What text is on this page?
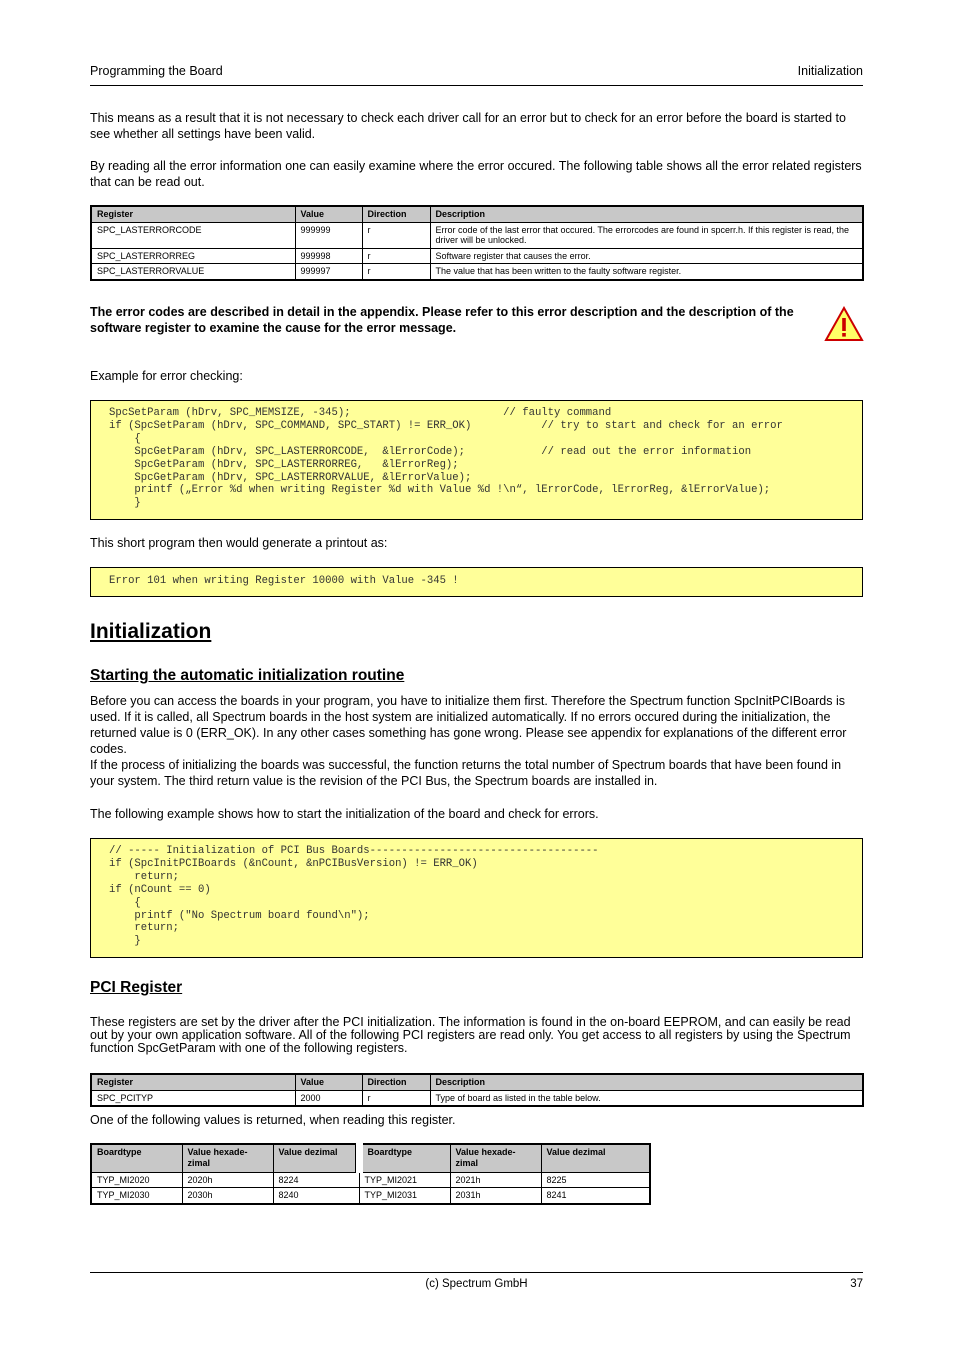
Programming the Board	Initialization
This means as a result that it is not necessary to check each driver call for an error but to check for an error before the board is started to see whether all settings have been valid.
By reading all the error information one can easily examine where the error occured. The following table shows all the error related registers that can be read out.
Register	Value	Direction	Description
SPC_LASTERRORCODE	999999	r	Error code of the last error that occured. The errorcodes are found in spcerr.h. If this register is read, the driver will be unlocked.
SPC_LASTERRORREG	999998	r	Software register that causes the error.
SPC_LASTERRORVALUE	999997	r	The value that has been written to the faulty software register.
The error codes are described in detail in the appendix. Please refer to this error description and the description of the software register to examine the cause for the error message.
Example for error checking:
SpcSetParam (hDrv, SPC_MEMSIZE, -345);                        // faulty command
if (SpcSetParam (hDrv, SPC_COMMAND, SPC_START) != ERR_OK)           // try to start and check for an error
{
SpcGetParam (hDrv, SPC_LASTERRORCODE,  &lErrorCode);            // read out the error information
SpcGetParam (hDrv, SPC_LASTERRORREG,   &lErrorReg);
SpcGetParam (hDrv, SPC_LASTERRORVALUE, &lErrorValue);
printf („Error %d when writing Register %d with Value %d !\n“, lErrorCode, lErrorReg, &lErrorValue);
}
This short program then would generate a printout as:
Error 101 when writing Register 10000 with Value -345 !
Initialization
Starting the automatic initialization routine
Before you can access the boards in your program, you have to initialize them first. Therefore the Spectrum function SpcInitPCIBoards is used. If it is called, all Spectrum boards in the host system are initialized automatically. If no errors occured during the initialization, the returned value is 0 (ERR_OK). In any other cases something has gone wrong. Please see appendix for explanations of the different error codes.
If the process of initializing the boards was successful, the function returns the total number of Spectrum boards that have been found in your system. The third return value is the revision of the PCI Bus, the Spectrum boards are installed in.
The following example shows how to start the initialization of the board and check for errors.
// ----- Initialization of PCI Bus Boards------------------------------------
if (SpcInitPCIBoards (&nCount, &nPCIBusVersion) != ERR_OK)
return;
if (nCount == 0)
{
printf ("No Spectrum board found\n");
return;
}
PCI Register
These registers are set by the driver after the PCI initialization. The information is found in the on-board EEPROM, and can easily be read out by your own application software. All of the following PCI registers are read only. You get access to all registers by using the Spectrum function SpcGetParam with one of the following registers.
Register	Value	Direction	Description
SPC_PCITYP	2000	r	Type of board as listed in the table below.
One of the following values is returned, when reading this register.
Boardtype	Value hexade-zimal	Value dezimal	Boardtype	Value hexade-zimal	Value dezimal
TYP_MI2020	2020h	8224	TYP_MI2021	2021h	8225
TYP_MI2030	2030h	8240	TYP_MI2031	2031h	8241
(c) Spectrum GmbH	37
